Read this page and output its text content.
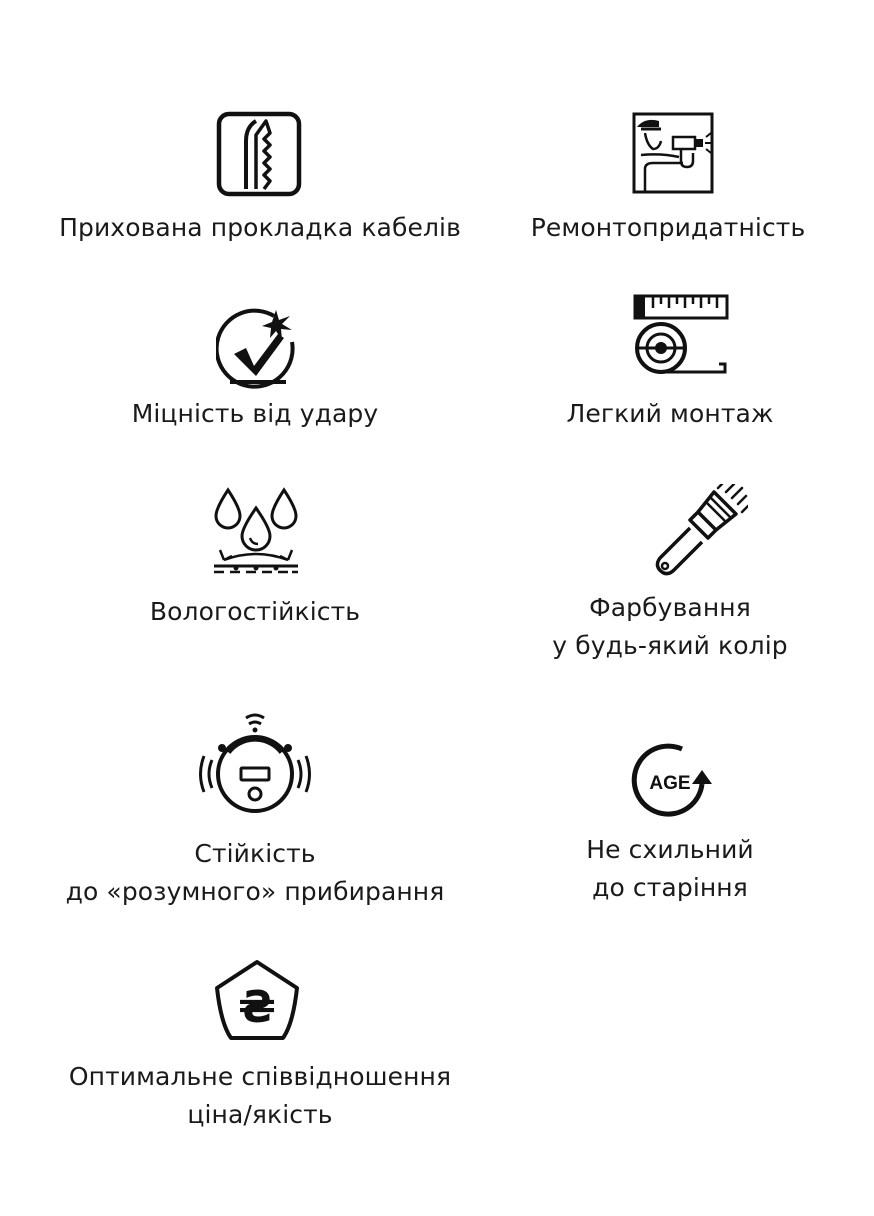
Прихована прокладка кабелів	Ремонтопридатність
Міцність від удару	Легкий монтаж
Вологостійкість	Фарбування
у будь-який колір
Стійкість
до «розумного» прибирання
AGE
Не схильний
до старіння
₴
Оптимальне співвідношення
ціна/якість
